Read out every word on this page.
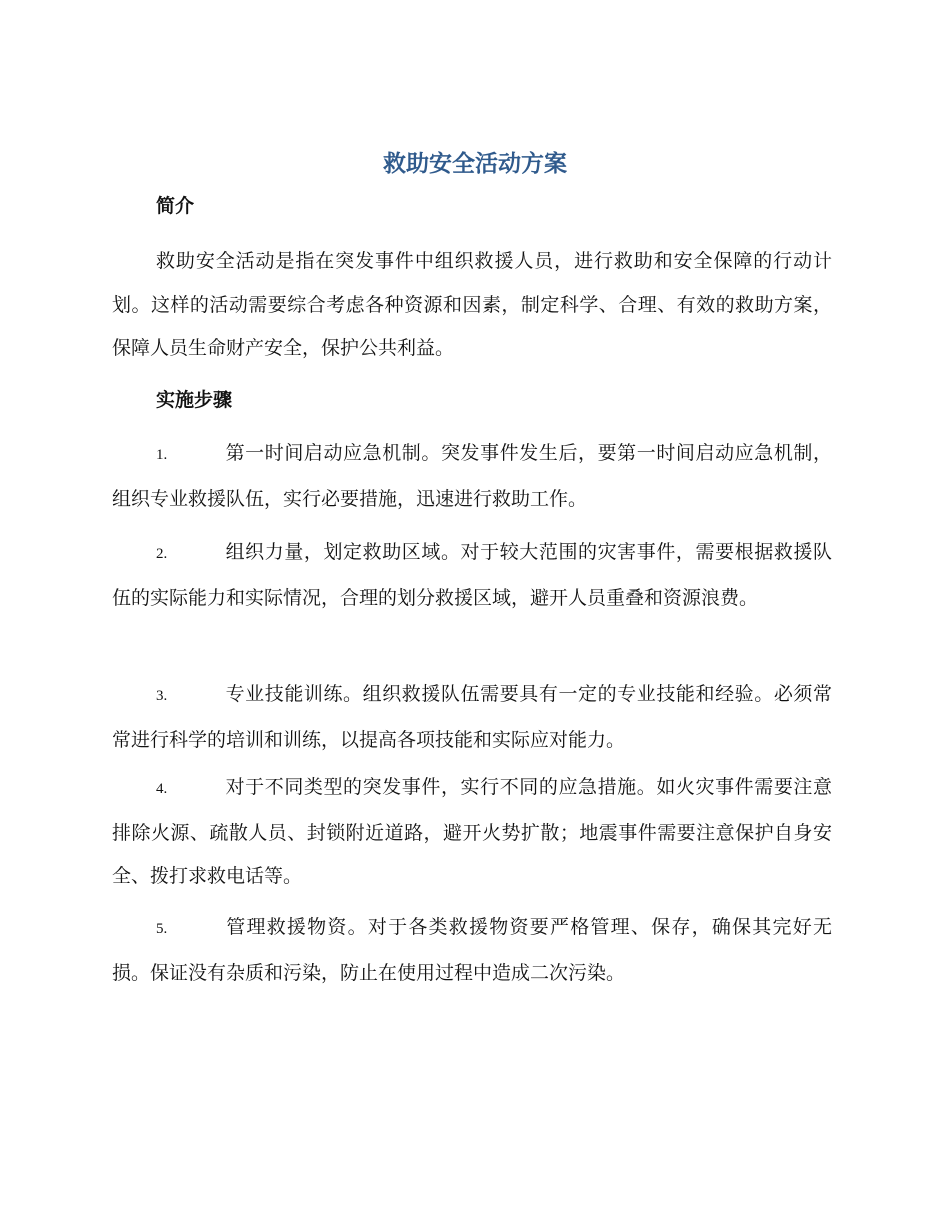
救助安全活动方案
简介

救助安全活动是指在突发事件中组织救援人员，进行救助和安全保障的行动计划。这样的活动需要综合考虑各种资源和因素，制定科学、合理、有效的救助方案，保障人员生命财产安全，保护公共利益。

实施步骤

1.	第一时间启动应急机制。突发事件发生后，要第一时间启动应急机制，组织专业救援队伍，实行必要措施，迅速进行救助工作。

2.	组织力量，划定救助区域。对于较大范围的灾害事件，需要根据救援队伍的实际能力和实际情况，合理的划分救援区域，避开人员重叠和资源浪费。

3.	专业技能训练。组织救援队伍需要具有一定的专业技能和经验。必须常常进行科学的培训和训练，以提高各项技能和实际应对能力。

4.	对于不同类型的突发事件，实行不同的应急措施。如火灾事件需要注意排除火源、疏散人员、封锁附近道路，避开火势扩散；地震事件需要注意保护自身安全、拨打求救电话等。

5.	管理救援物资。对于各类救援物资要严格管理、保存，确保其完好无损。保证没有杂质和污染，防止在使用过程中造成二次污染。
